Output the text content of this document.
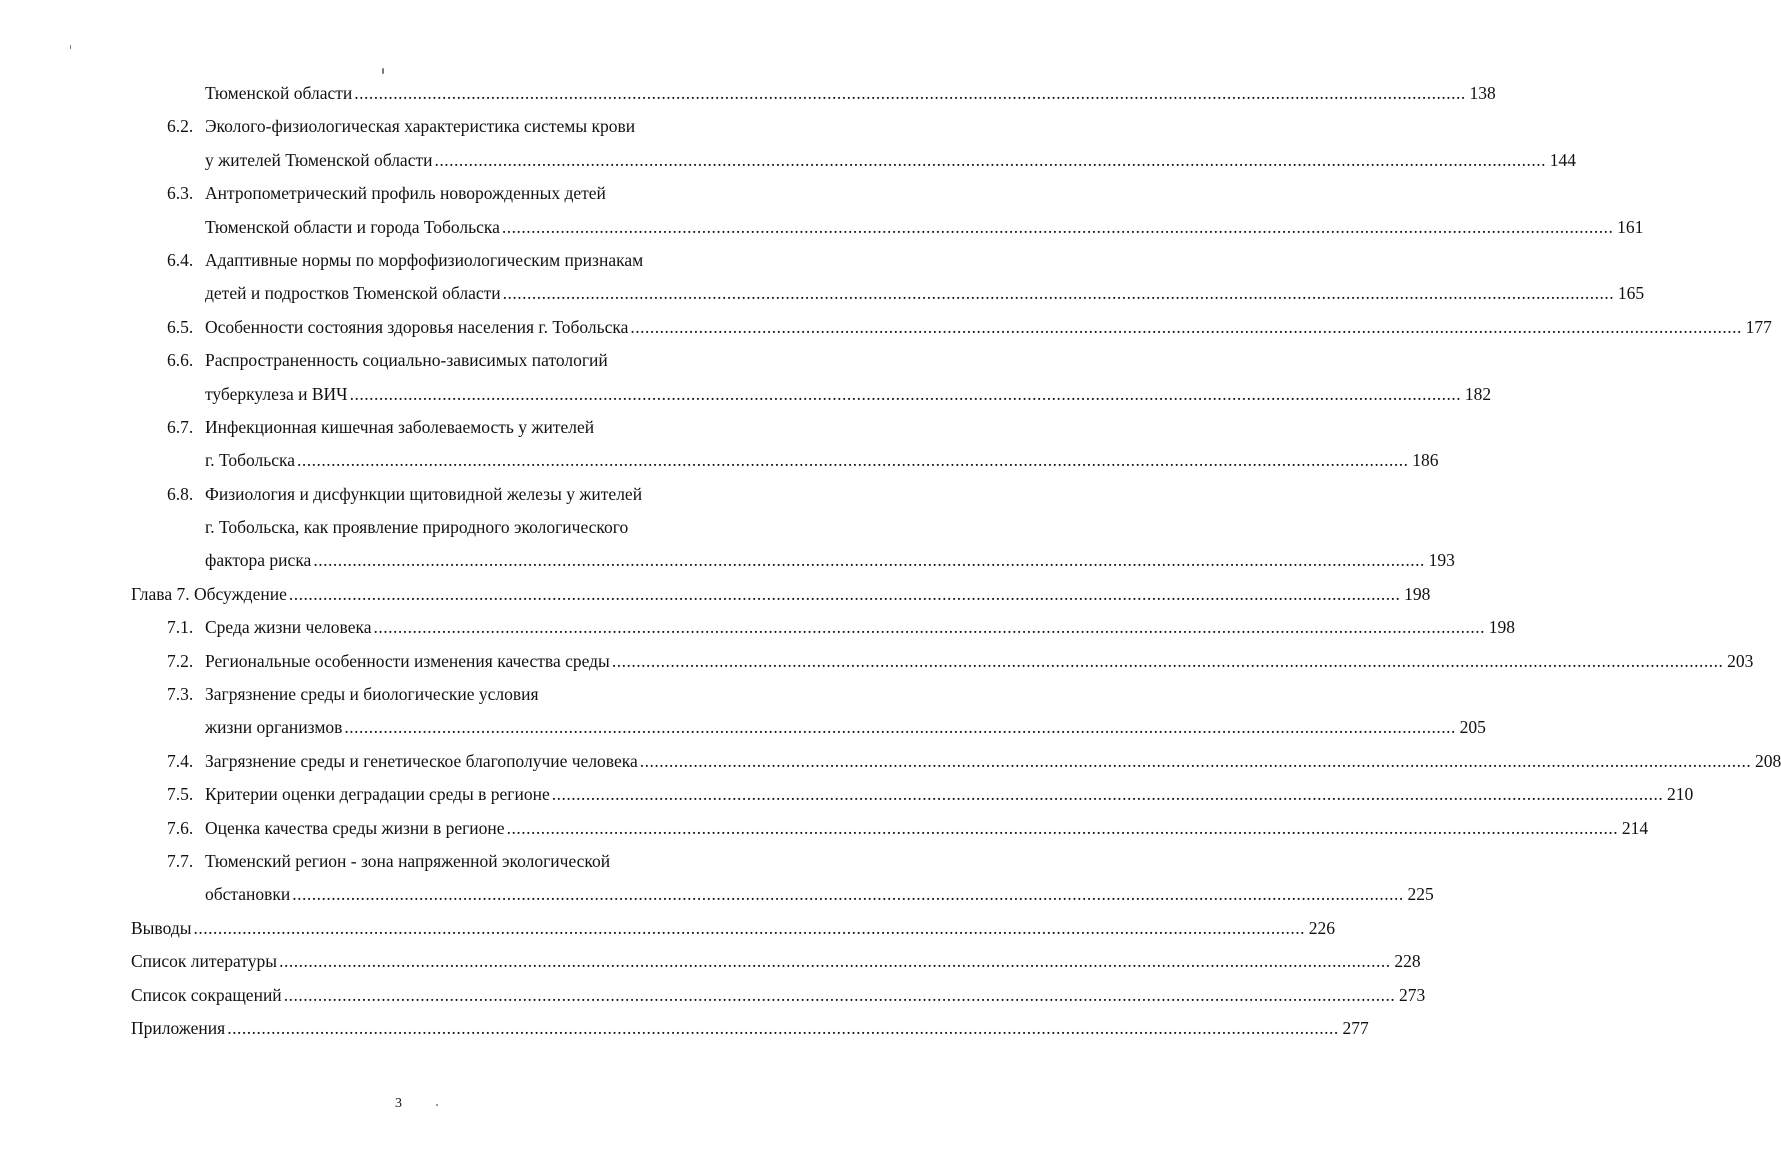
Тюменской области .....	138
6.2. Эколого-физиологическая характеристика системы крови
у жителей Тюменской области .....	144
6.3. Антропометрический профиль новорожденных детей
Тюменской области и города Тобольска .....	161
6.4. Адаптивные нормы по морфофизиологическим признакам
детей и подростков Тюменской области .....	165
6.5. Особенности состояния здоровья населения г. Тобольска .....	177
6.6. Распространенность социально-зависимых патологий
туберкулеза и ВИЧ .....	182
6.7. Инфекционная кишечная заболеваемость у жителей
г. Тобольска .....	186
6.8. Физиология и дисфункции щитовидной железы у жителей
г. Тобольска, как проявление природного экологического
фактора риска .....	193
Глава 7. Обсуждение .....	198
7.1. Среда жизни человека .....	198
7.2. Региональные особенности изменения качества среды .....	203
7.3. Загрязнение среды и биологические условия
жизни организмов .....	205
7.4. Загрязнение среды и генетическое благополучие человека .....	208
7.5. Критерии оценки деградации среды в регионе .....	210
7.6. Оценка качества среды жизни в регионе .....	214
7.7. Тюменский регион - зона напряженной экологической
обстановки .....	225
Выводы .....	226
Список литературы .....	228
Список сокращений .....	273
Приложения .....	277
3
